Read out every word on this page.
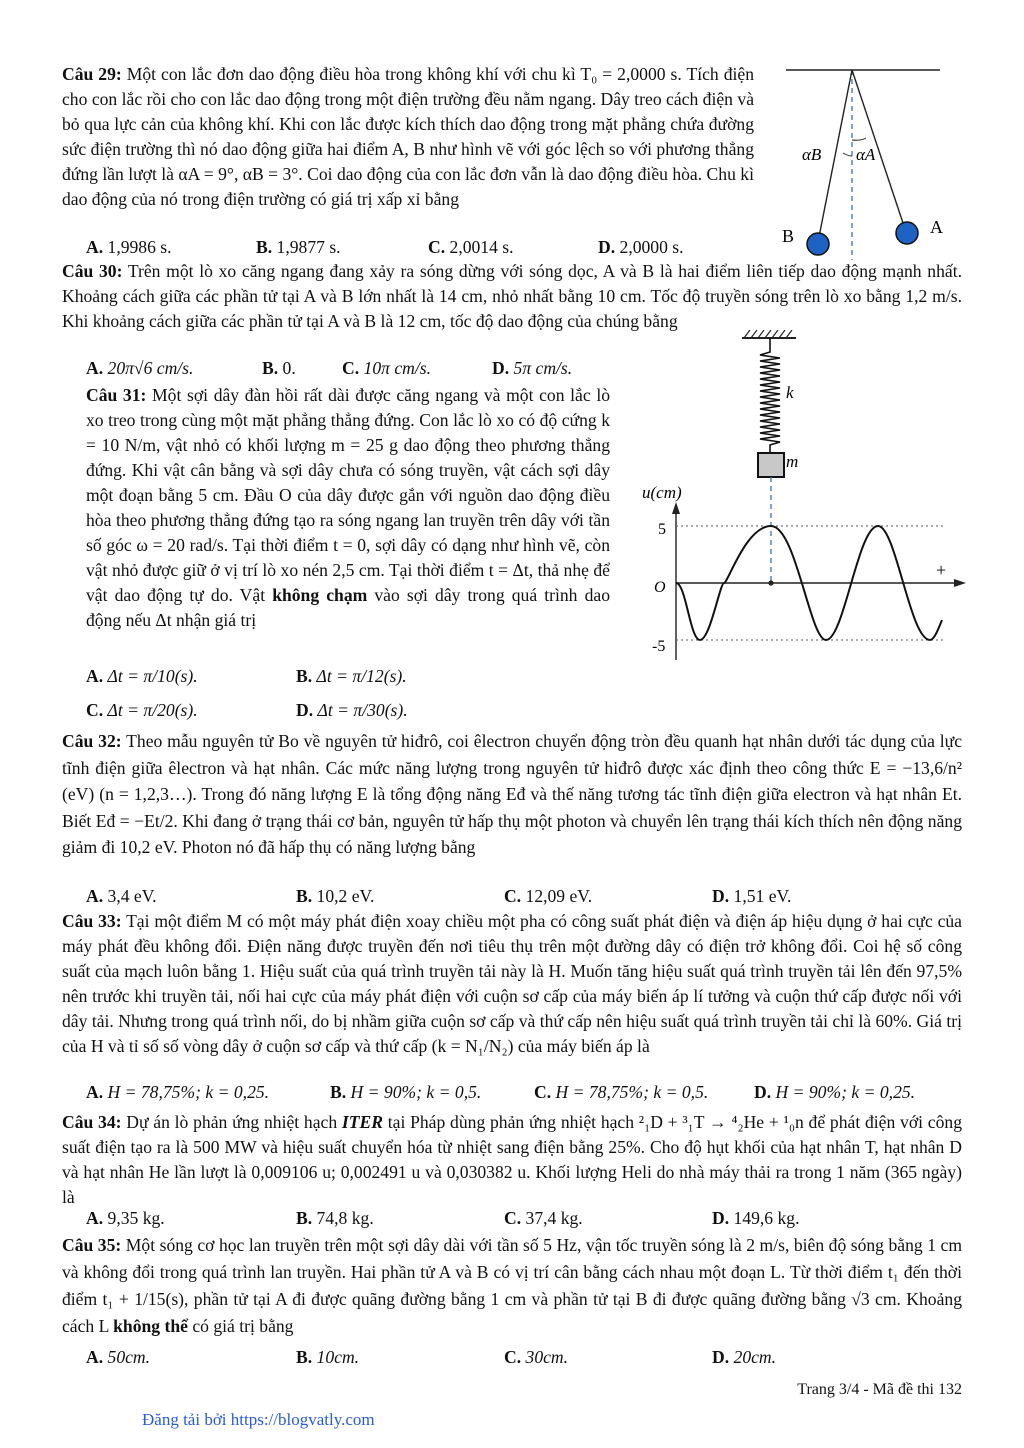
Câu 29: Một con lắc đơn dao động điều hòa trong không khí với chu kì T₀ = 2,0000 s. Tích điện cho con lắc rồi cho con lắc dao động trong một điện trường đều nằm ngang. Dây treo cách điện và bỏ qua lực cản của không khí. Khi con lắc được kích thích dao động trong mặt phẳng chứa đường sức điện trường thì nó dao động giữa hai điểm A, B như hình vẽ với góc lệch so với phương thẳng đứng lần lượt là αA = 9°, αB = 3°. Coi dao động của con lắc đơn vẫn là dao động điều hòa. Chu kì dao động của nó trong điện trường có giá trị xấp xỉ bằng

A. 1,9986 s.	B. 1,9877 s.	C. 2,0014 s.	D. 2,0000 s.
αB αA
B	A

Câu 30: Trên một lò xo căng ngang đang xảy ra sóng dừng với sóng dọc, A và B là hai điểm liên tiếp dao động mạnh nhất. Khoảng cách giữa các phần tử tại A và B lớn nhất là 14 cm, nhỏ nhất bằng 10 cm. Tốc độ truyền sóng trên lò xo bằng 1,2 m/s. Khi khoảng cách giữa các phần tử tại A và B là 12 cm, tốc độ dao động của chúng bằng

A. 20π√6 cm/s.	B. 0.	C. 10π cm/s.	D. 5π cm/s.

Câu 31: Một sợi dây đàn hồi rất dài được căng ngang và một con lắc lò xo treo trong cùng một mặt phẳng thẳng đứng. Con lắc lò xo có độ cứng k = 10 N/m, vật nhỏ có khối lượng m = 25 g dao động theo phương thẳng đứng. Khi vật cân bằng và sợi dây chưa có sóng truyền, vật cách sợi dây một đoạn bằng 5 cm. Đầu O của dây được gắn với nguồn dao động điều hòa theo phương thẳng đứng tạo ra sóng ngang lan truyền trên dây với tần số góc ω = 20 rad/s. Tại thời điểm t = 0, sợi dây có dạng như hình vẽ, còn vật nhỏ được giữ ở vị trí lò xo nén 2,5 cm. Tại thời điểm t = Δt, thả nhẹ để vật dao động tự do. Vật không chạm vào sợi dây trong quá trình dao động nếu Δt nhận giá trị

A. Δt = π/10(s).	B. Δt = π/12(s).
C. Δt = π/20(s).	D. Δt = π/30(s).
k
m
u(cm)
5
O
-5
+

Câu 32: Theo mẫu nguyên tử Bo về nguyên tử hiđrô, coi êlectron chuyển động tròn đều quanh hạt nhân dưới tác dụng của lực tĩnh điện giữa êlectron và hạt nhân. Các mức năng lượng trong nguyên tử hiđrô được xác định theo công thức E = −13,6/n² (eV) (n = 1,2,3…). Trong đó năng lượng E là tổng động năng Eđ và thế năng tương tác tĩnh điện giữa electron và hạt nhân Et. Biết Eđ = −Et/2. Khi đang ở trạng thái cơ bản, nguyên tử hấp thụ một photon và chuyển lên trạng thái kích thích nên động năng giảm đi 10,2 eV. Photon nó đã hấp thụ có năng lượng bằng

A. 3,4 eV.	B. 10,2 eV.	C. 12,09 eV.	D. 1,51 eV.

Câu 33: Tại một điểm M có một máy phát điện xoay chiều một pha có công suất phát điện và điện áp hiệu dụng ở hai cực của máy phát đều không đổi. Điện năng được truyền đến nơi tiêu thụ trên một đường dây có điện trở không đổi. Coi hệ số công suất của mạch luôn bằng 1. Hiệu suất của quá trình truyền tải này là H. Muốn tăng hiệu suất quá trình truyền tải lên đến 97,5% nên trước khi truyền tải, nối hai cực của máy phát điện với cuộn sơ cấp của máy biến áp lí tưởng và cuộn thứ cấp được nối với dây tải. Nhưng trong quá trình nối, do bị nhầm giữa cuộn sơ cấp và thứ cấp nên hiệu suất quá trình truyền tải chỉ là 60%. Giá trị của H và tỉ số số vòng dây ở cuộn sơ cấp và thứ cấp (k = N₁/N₂) của máy biến áp là

A. H = 78,75%; k = 0,25.	B. H = 90%; k = 0,5.	C. H = 78,75%; k = 0,5.	D. H = 90%; k = 0,25.

Câu 34: Dự án lò phản ứng nhiệt hạch ITER tại Pháp dùng phản ứng nhiệt hạch ²₁D + ³₁T → ⁴₂He + ¹₀n để phát điện với công suất điện tạo ra là 500 MW và hiệu suất chuyển hóa từ nhiệt sang điện bằng 25%. Cho độ hụt khối của hạt nhân T, hạt nhân D và hạt nhân He lần lượt là 0,009106 u; 0,002491 u và 0,030382 u. Khối lượng Heli do nhà máy thải ra trong 1 năm (365 ngày) là

A. 9,35 kg.	B. 74,8 kg.	C. 37,4 kg.	D. 149,6 kg.

Câu 35: Một sóng cơ học lan truyền trên một sợi dây dài với tần số 5 Hz, vận tốc truyền sóng là 2 m/s, biên độ sóng bằng 1 cm và không đổi trong quá trình lan truyền. Hai phần tử A và B có vị trí cân bằng cách nhau một đoạn L. Từ thời điểm t₁ đến thời điểm t₁ + 1/15(s), phần tử tại A đi được quãng đường bằng 1 cm và phần tử tại B đi được quãng đường bằng √3 cm. Khoảng cách L không thể có giá trị bằng

A. 50cm.	B. 10cm.	C. 30cm.	D. 20cm.
Trang 3/4 - Mã đề thi 132
Đăng tải bởi https://blogvatly.com
